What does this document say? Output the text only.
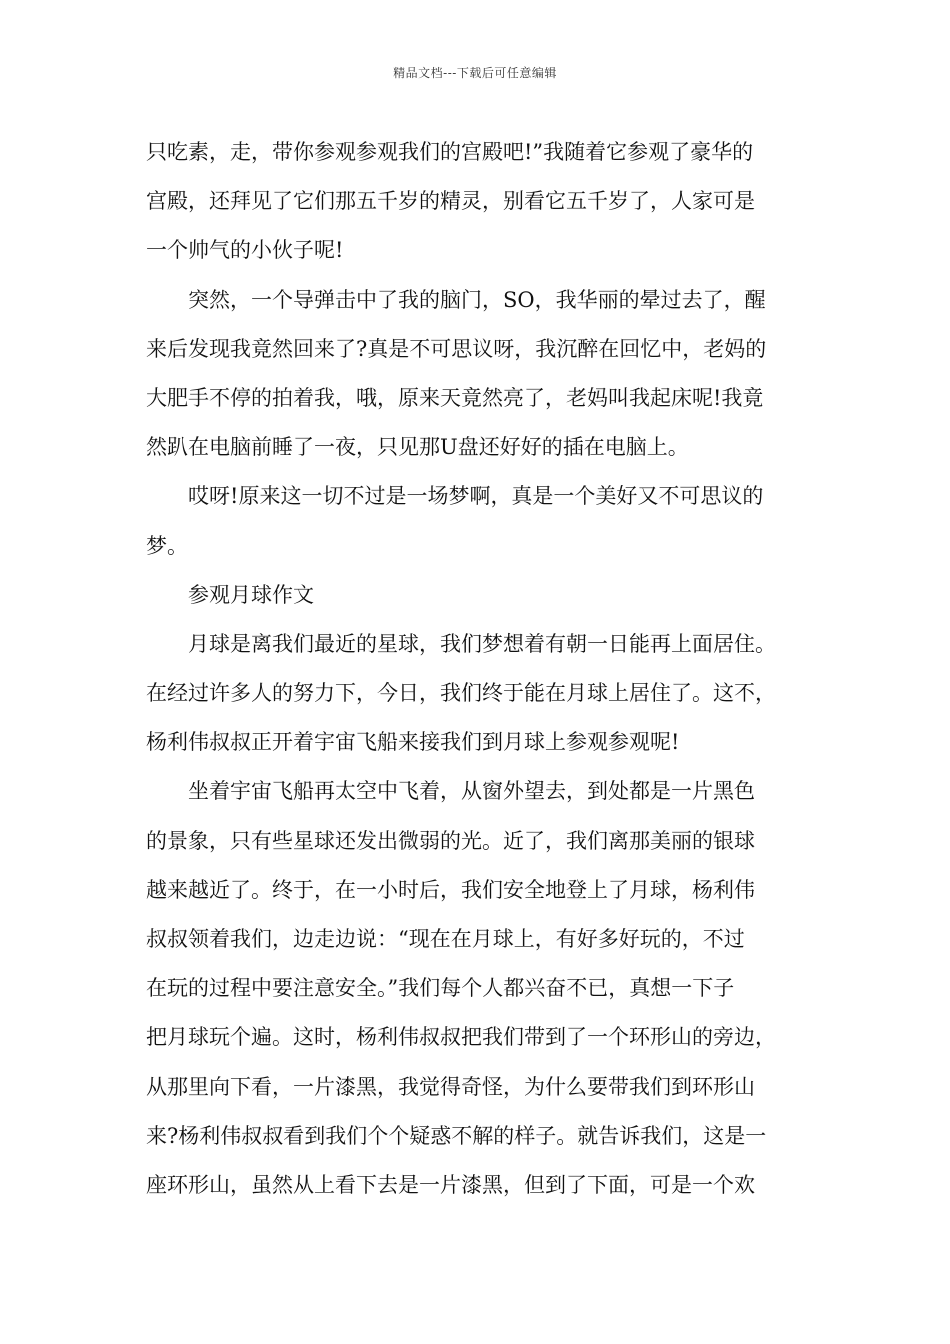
精品文档---下载后可任意编辑
只吃素，走，带你参观参观我们的宫殿吧!”我随着它参观了豪华的
宫殿，还拜见了它们那五千岁的精灵，别看它五千岁了，人家可是
一个帅气的小伙子呢!
　　突然，一个导弹击中了我的脑门，SO，我华丽的晕过去了，醒
来后发现我竟然回来了?真是不可思议呀，我沉醉在回忆中，老妈的
大肥手不停的拍着我，哦，原来天竟然亮了，老妈叫我起床呢!我竟
然趴在电脑前睡了一夜，只见那U盘还好好的插在电脑上。
　　哎呀!原来这一切不过是一场梦啊，真是一个美好又不可思议的
梦。
　　参观月球作文
　　月球是离我们最近的星球，我们梦想着有朝一日能再上面居住。
在经过许多人的努力下，今日，我们终于能在月球上居住了。这不，
杨利伟叔叔正开着宇宙飞船来接我们到月球上参观参观呢!
　　坐着宇宙飞船再太空中飞着，从窗外望去，到处都是一片黑色
的景象，只有些星球还发出微弱的光。近了，我们离那美丽的银球
越来越近了。终于，在一小时后，我们安全地登上了月球，杨利伟
叔叔领着我们，边走边说：“现在在月球上，有好多好玩的，不过
在玩的过程中要注意安全。”我们每个人都兴奋不已，真想一下子
把月球玩个遍。这时，杨利伟叔叔把我们带到了一个环形山的旁边，
从那里向下看，一片漆黑，我觉得奇怪，为什么要带我们到环形山
来?杨利伟叔叔看到我们个个疑惑不解的样子。就告诉我们，这是一
座环形山，虽然从上看下去是一片漆黑，但到了下面，可是一个欢
